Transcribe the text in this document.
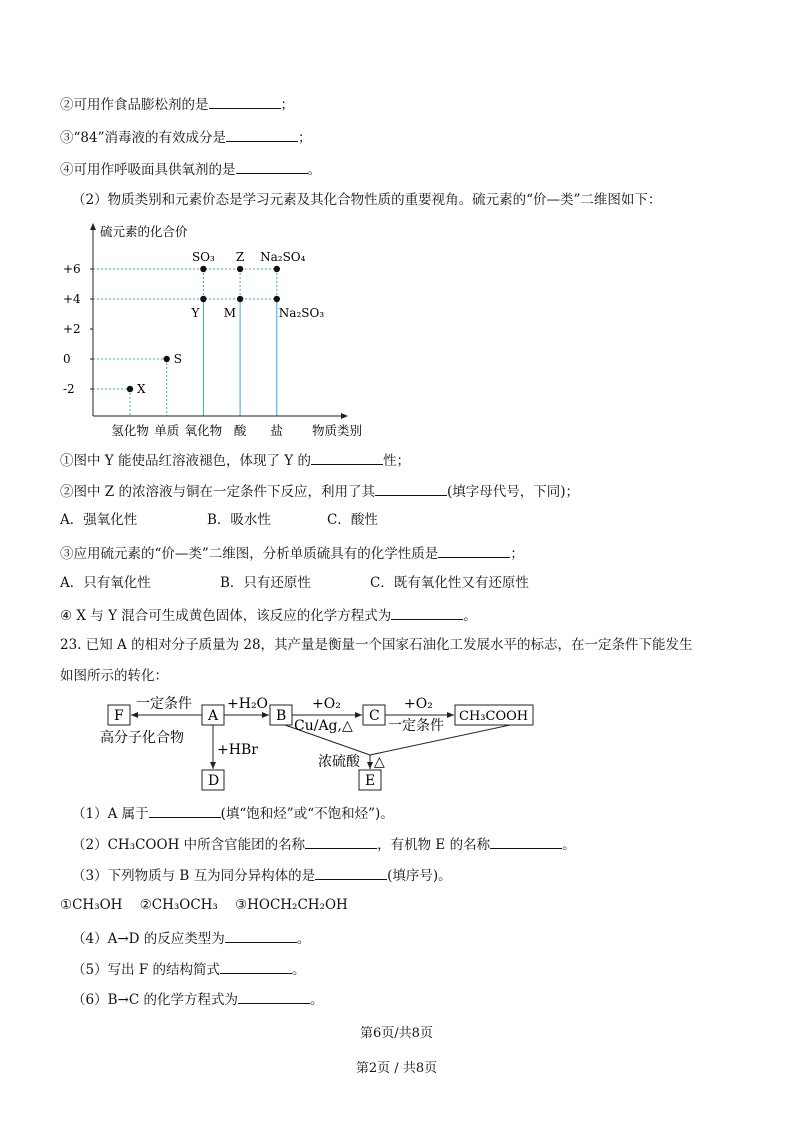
②可用作食品膨松剂的是	；
③“84”消毒液的有效成分是	；
④可用作呼吸面具供氧剂的是	。
（2）物质类别和元素价态是学习元素及其化合物性质的重要视角。硫元素的“价—类”二维图如下：
硫元素的化合价
物质类别
+6
+4
+2
0
-2
氢化物 单质 氧化物 酸 盐
X
S
SO₃
Y
Z
M
Na₂SO₄
Na₂SO₃
①图中 Y 能使品红溶液褪色，体现了 Y 的	性；
②图中 Z 的浓溶液与铜在一定条件下反应，利用了其	(填字母代号，下同)；
A．强氧化性	B．吸水性	C．酸性

③应用硫元素的“价—类”二维图，分析单质硫具有的化学性质是	；
A．只有氧化性	B．只有还原性	C．既有氧化性又有还原性

④ X 与 Y 混合可生成黄色固体，该反应的化学方程式为	。
23. 已知 A 的相对分子质量为 28，其产量是衡量一个国家石油化工发展水平的标志，在一定条件下能发生
如图所示的转化：
F	A	B	C	CH₃COOH
D	E
一定条件
高分子化合物
+H₂O
+HBr
+O₂
Cu/Ag,△
+O₂
一定条件
浓硫酸 △
（1）A 属于	(填“饱和烃”或“不饱和烃”)。
（2）CH₃COOH 中所含官能团的名称	，有机物 E 的名称	。
（3）下列物质与 B 互为同分异构体的是	(填序号)。
①CH₃OH ②CH₃OCH₃ ③HOCH₂CH₂OH
（4）A→D 的反应类型为	。
（5）写出 F 的结构简式	。
（6）B→C 的化学方程式为	。
第6页/共8页
第2页 / 共8页
